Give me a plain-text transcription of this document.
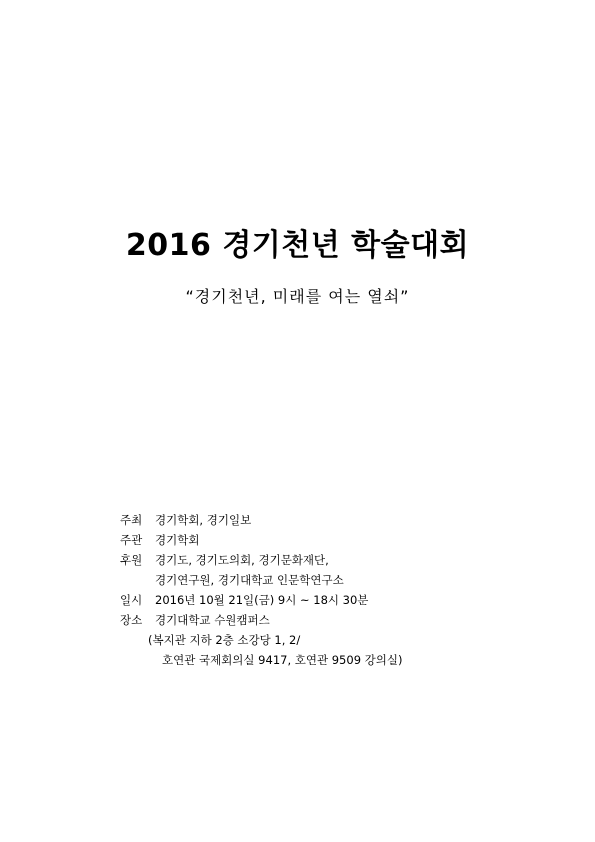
2016 경기천년 학술대회
“경기천년, 미래를 여는 열쇠”
주최	경기학회, 경기일보
주관	경기학회
후원	경기도, 경기도의회, 경기문화재단,
경기연구원, 경기대학교 인문학연구소
일시	2016년 10월 21일(금) 9시 ~ 18시 30분
장소	경기대학교 수원캠퍼스
(복지관 지하 2층 소강당 1, 2/
호연관 국제회의실 9417, 호연관 9509 강의실)
